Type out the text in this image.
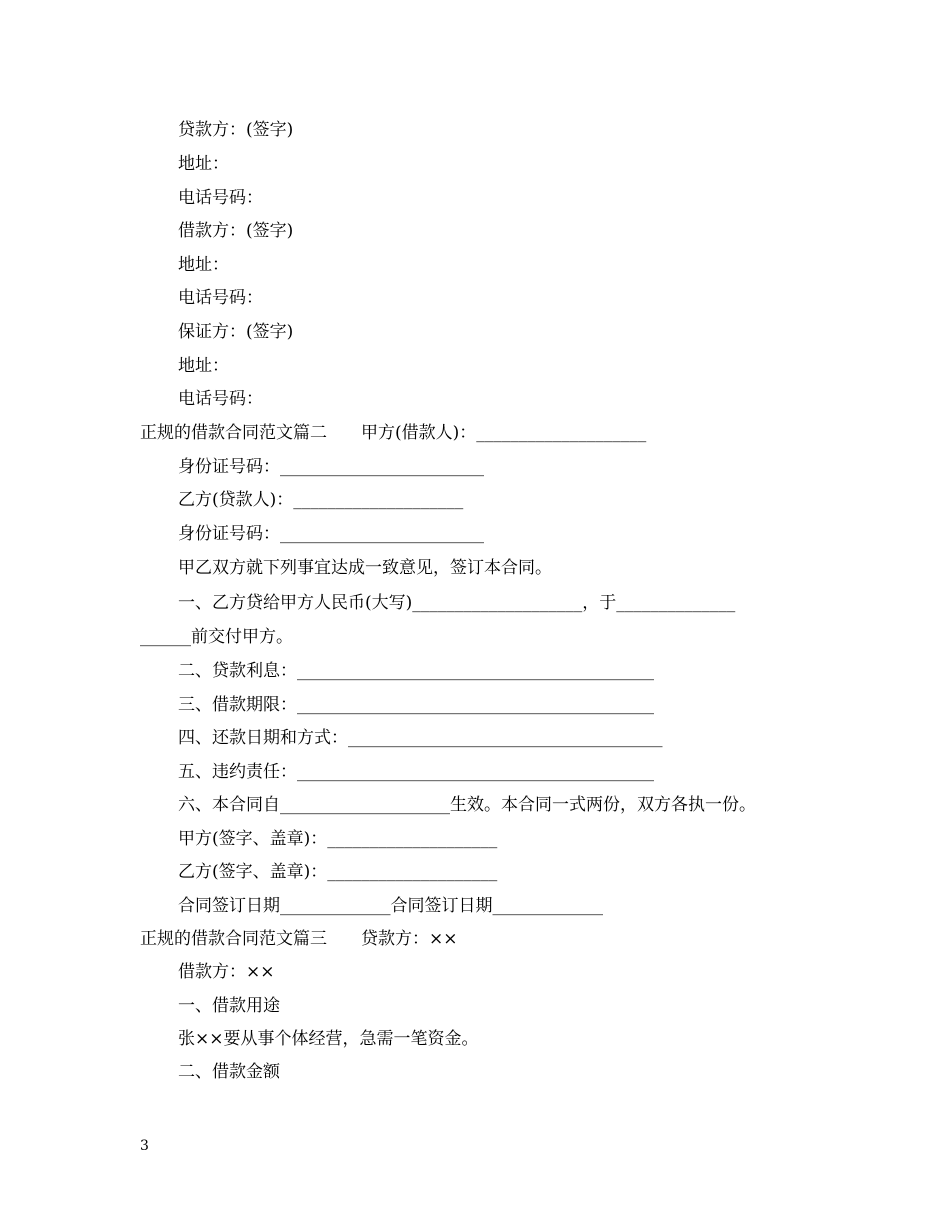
贷款方：(签字)
地址：
电话号码：
借款方：(签字)
地址：
电话号码：
保证方：(签字)
地址：
电话号码：
正规的借款合同范文篇二　　甲方(借款人)：____________________
身份证号码：________________________
乙方(贷款人)：____________________
身份证号码：________________________
甲乙双方就下列事宜达成一致意见，签订本合同。
一、乙方贷给甲方人民币(大写)____________________，于______________
______前交付甲方。
二、贷款利息：__________________________________________
三、借款期限：__________________________________________
四、还款日期和方式：_____________________________________
五、违约责任：__________________________________________
六、本合同自____________________生效。本合同一式两份，双方各执一份。
甲方(签字、盖章)：____________________
乙方(签字、盖章)：____________________
合同签订日期_____________合同签订日期_____________
正规的借款合同范文篇三　　贷款方：××
借款方：××
一、借款用途
张××要从事个体经营，急需一笔资金。
二、借款金额
3
